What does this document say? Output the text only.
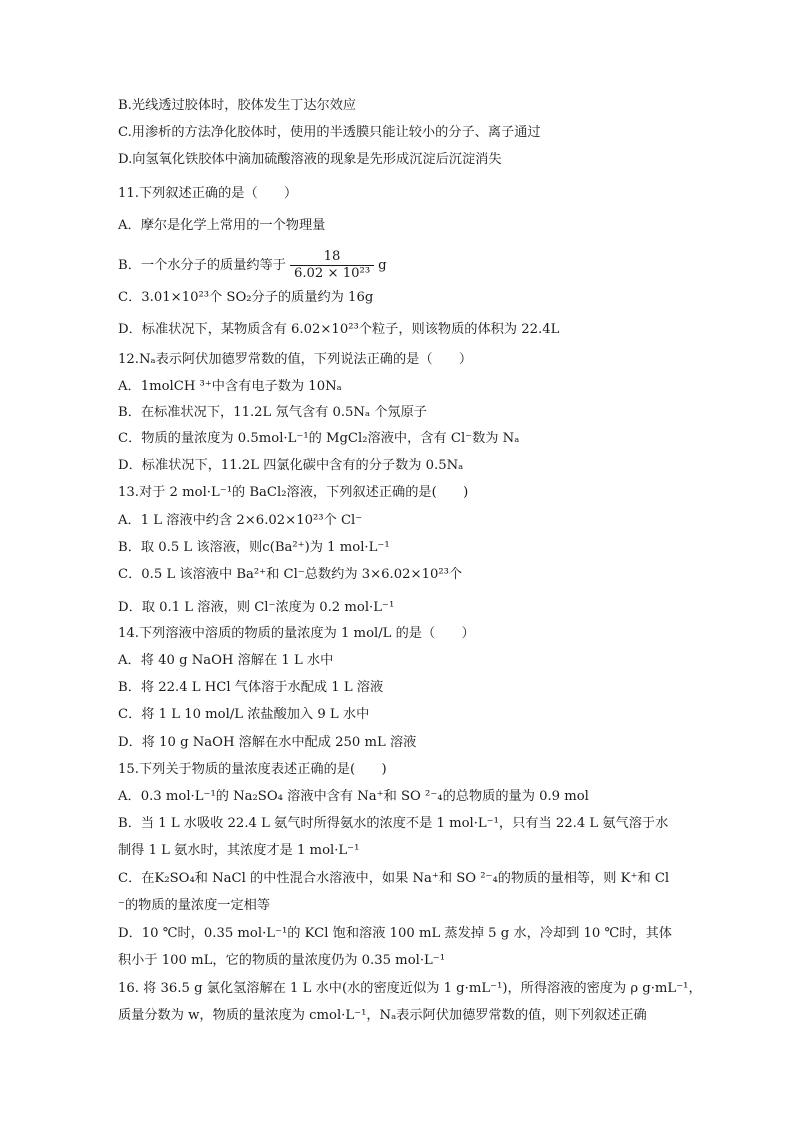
B.光线透过胶体时，胶体发生丁达尔效应
C.用渗析的方法净化胶体时，使用的半透膜只能让较小的分子、离子通过
D.向氢氧化铁胶体中滴加硫酸溶液的现象是先形成沉淀后沉淀消失
11.下列叙述正确的是（　　）
A．摩尔是化学上常用的一个物理量
B．一个水分子的质量约等于 $\frac{18}{\text{6.02 × 10²³}}$ g
C．3.01×10²³个 SO₂分子的质量约为 16g
D．标准状况下，某物质含有 6.02×10²³个粒子，则该物质的体积为 22.4L
12.Nₐ表示阿伏加德罗常数的值，下列说法正确的是（　　）
A．1molCH ³⁺中含有电子数为 10Nₐ
B．在标准状况下，11.2L 氖气含有 0.5Nₐ 个氖原子
C．物质的量浓度为 0.5mol·L⁻¹的 MgCl₂溶液中，含有 Cl⁻数为 Nₐ
D．标准状况下，11.2L 四氯化碳中含有的分子数为 0.5Nₐ
13.对于 2 mol·L⁻¹的 BaCl₂溶液，下列叙述正确的是(　　)
A．1 L 溶液中约含 2×6.02×10²³个 Cl⁻
B．取 0.5 L 该溶液，则c(Ba²⁺)为 1 mol·L⁻¹
C．0.5 L 该溶液中 Ba²⁺和 Cl⁻总数约为 3×6.02×10²³个
D．取 0.1 L 溶液，则 Cl⁻浓度为 0.2 mol·L⁻¹
14.下列溶液中溶质的物质的量浓度为 1 mol/L 的是（　　）
A．将 40 g NaOH 溶解在 1 L 水中
B．将 22.4 L HCl 气体溶于水配成 1 L 溶液
C．将 1 L 10 mol/L 浓盐酸加入 9 L 水中
D．将 10 g NaOH 溶解在水中配成 250 mL 溶液
15.下列关于物质的量浓度表述正确的是(　　)
A．0.3 mol·L⁻¹的 Na₂SO₄ 溶液中含有 Na⁺和 SO ²⁻₄的总物质的量为 0.9 mol
B．当 1 L 水吸收 22.4 L 氨气时所得氨水的浓度不是 1 mol·L⁻¹，只有当 22.4 L 氨气溶于水
制得 1 L 氨水时，其浓度才是 1 mol·L⁻¹
C．在K₂SO₄和 NaCl 的中性混合水溶液中，如果 Na⁺和 SO ²⁻₄的物质的量相等，则 K⁺和 Cl
⁻的物质的量浓度一定相等
D．10 ℃时，0.35 mol·L⁻¹的 KCl 饱和溶液 100 mL 蒸发掉 5 g 水，冷却到 10 ℃时，其体
积小于 100 mL，它的物质的量浓度仍为 0.35 mol·L⁻¹
16. 将 36.5 g 氯化氢溶解在 1 L 水中(水的密度近似为 1 g·mL⁻¹)，所得溶液的密度为 ρ g·mL⁻¹，
质量分数为 w，物质的量浓度为 cmol·L⁻¹，Nₐ表示阿伏加德罗常数的值，则下列叙述正确
